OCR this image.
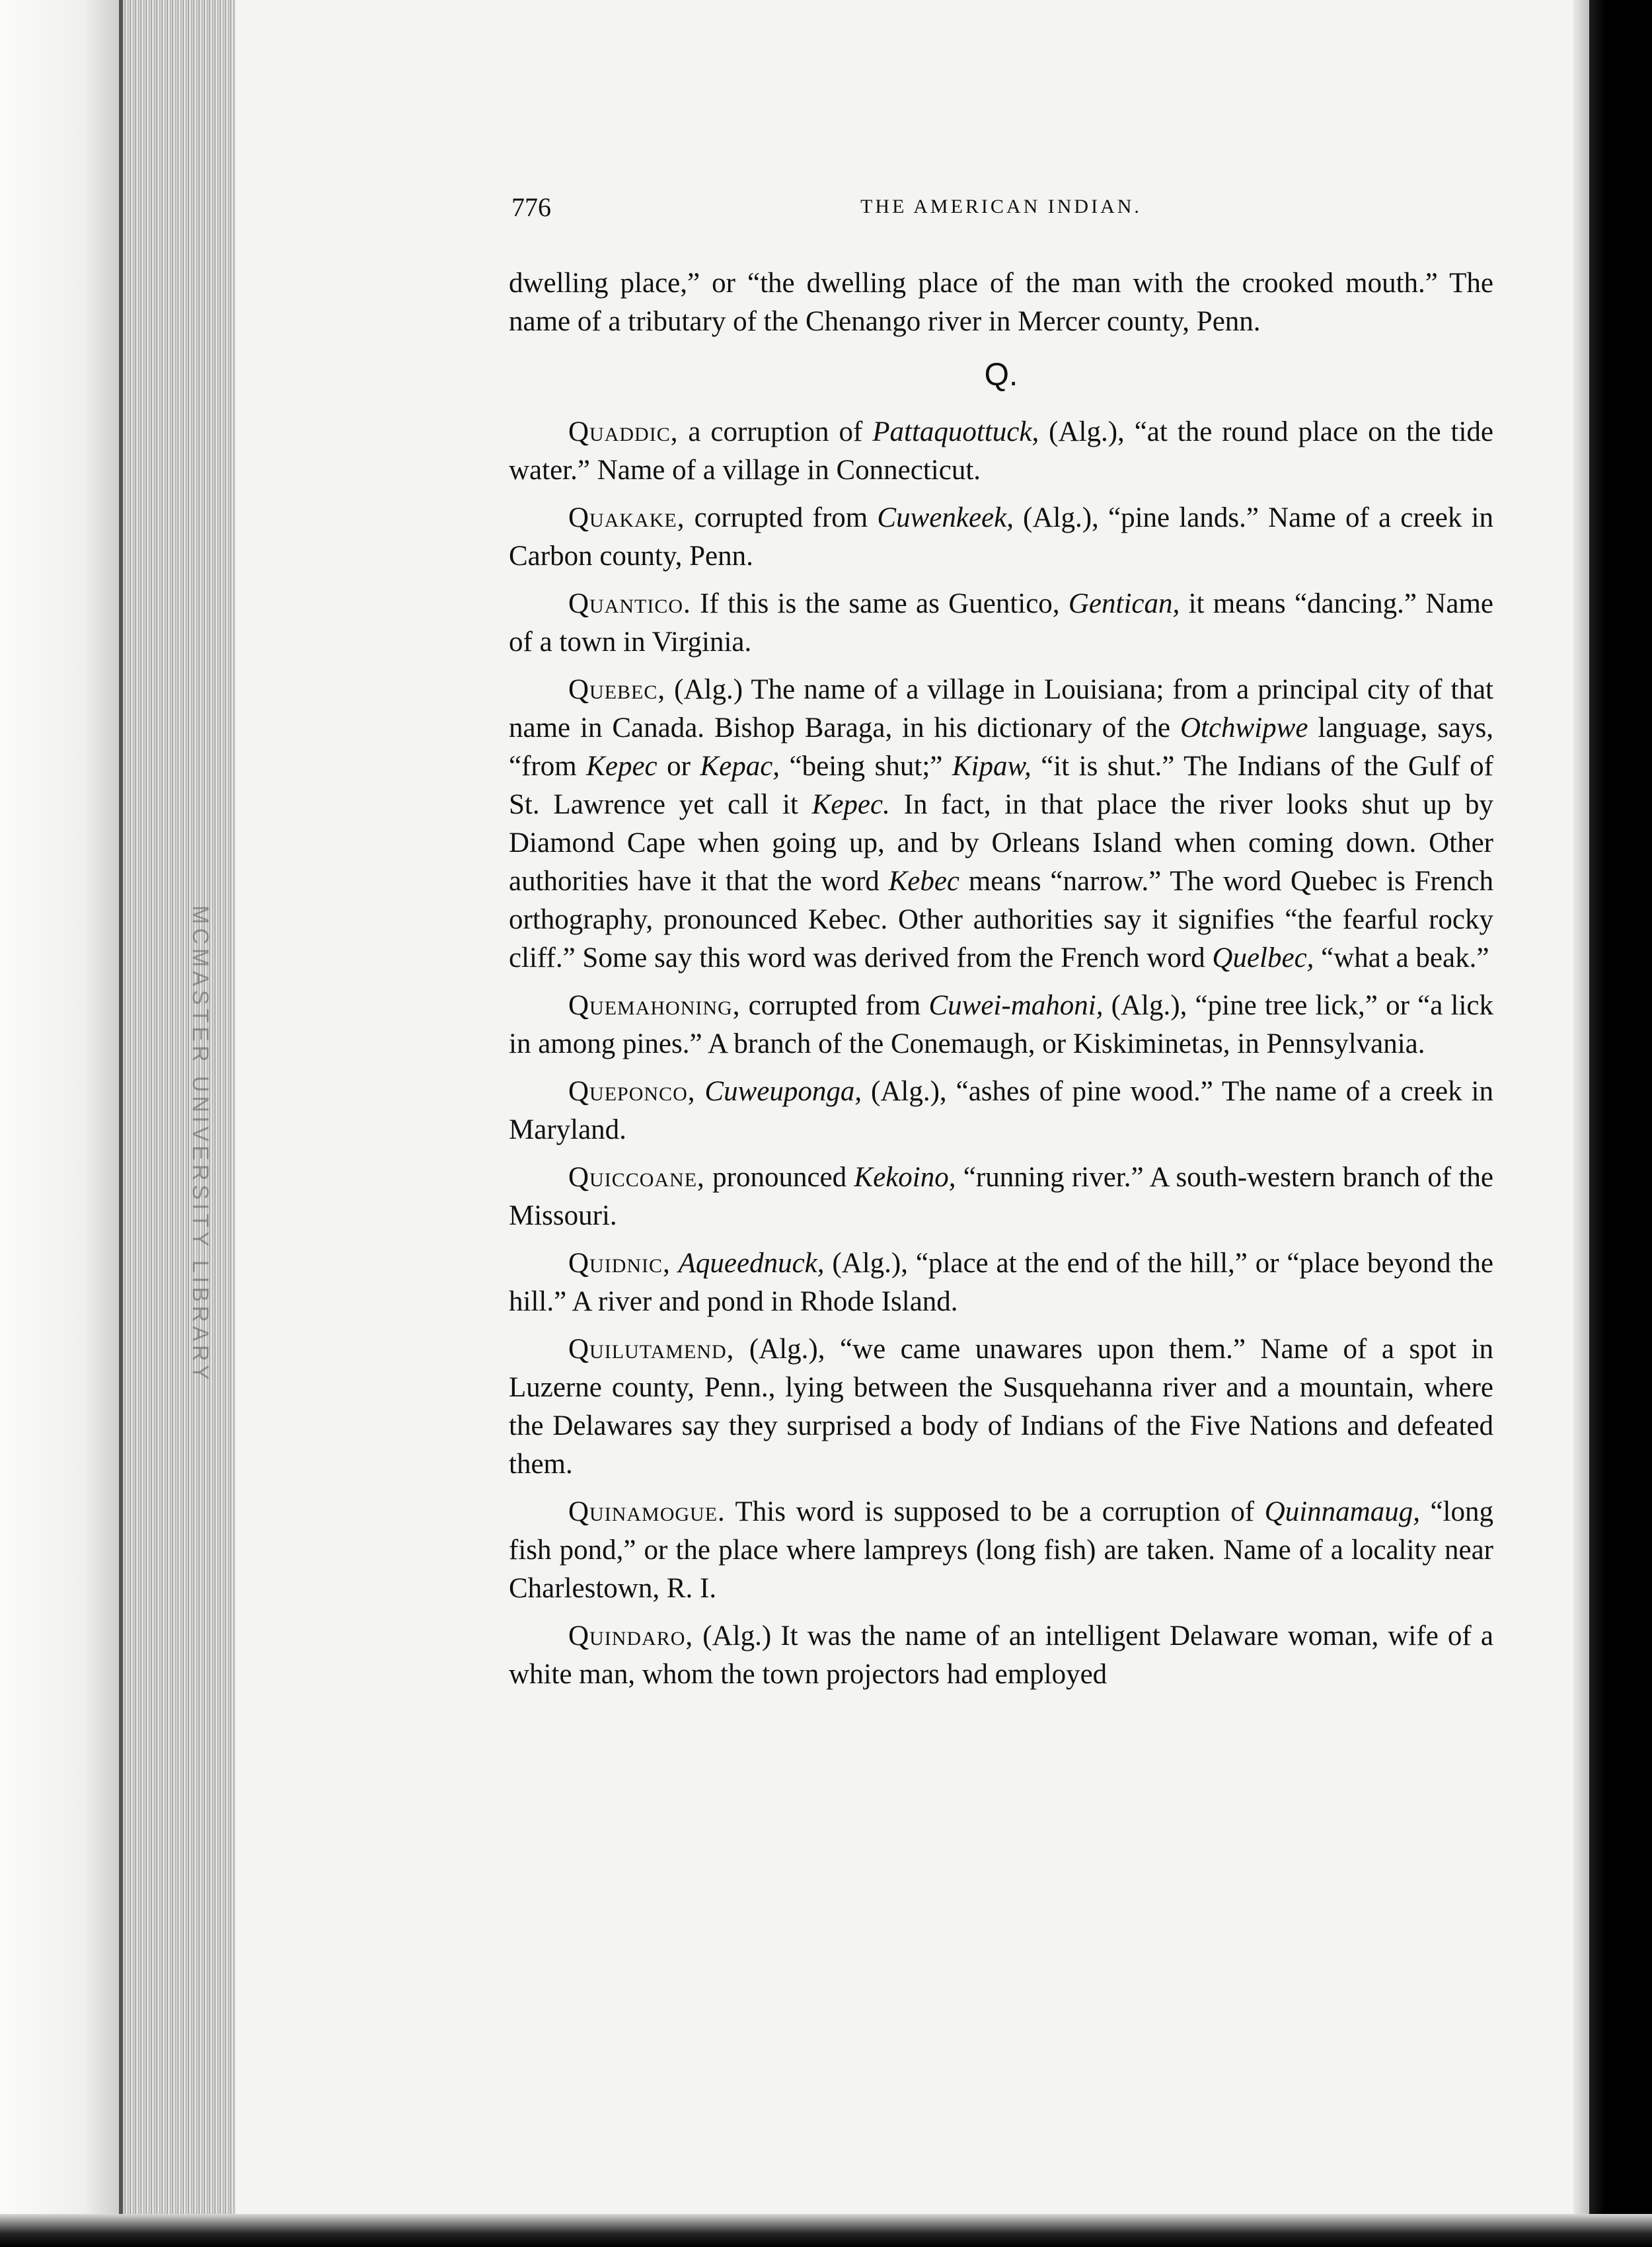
MCMASTER UNIVERSITY LIBRARY
776	THE AMERICAN INDIAN.

dwelling place,” or “the dwelling place of the man with the crooked mouth.” The name of a tributary of the Chenango river in Mercer county, Penn.

Q.

Quaddic, a corruption of Pattaquottuck, (Alg.), “at the round place on the tide water.” Name of a village in Connecticut.

Quakake, corrupted from Cuwenkeek, (Alg.), “pine lands.” Name of a creek in Carbon county, Penn.

Quantico. If this is the same as Guentico, Gentican, it means “dancing.” Name of a town in Virginia.

Quebec, (Alg.) The name of a village in Louisiana; from a principal city of that name in Canada. Bishop Baraga, in his dictionary of the Otchwipwe language, says, “from Kepec or Kepac, “being shut;” Kipaw, “it is shut.” The Indians of the Gulf of St. Lawrence yet call it Kepec. In fact, in that place the river looks shut up by Diamond Cape when going up, and by Orleans Island when coming down. Other authorities have it that the word Kebec means “narrow.” The word Quebec is French orthography, pronounced Kebec. Other authorities say it signifies “the fearful rocky cliff.” Some say this word was derived from the French word Quelbec, “what a beak.”

Quemahoning, corrupted from Cuwei-mahoni, (Alg.), “pine tree lick,” or “a lick in among pines.” A branch of the Conemaugh, or Kiskiminetas, in Pennsylvania.

Queponco, Cuweuponga, (Alg.), “ashes of pine wood.” The name of a creek in Maryland.

Quiccoane, pronounced Kekoino, “running river.” A south-western branch of the Missouri.

Quidnic, Aqueednuck, (Alg.), “place at the end of the hill,” or “place beyond the hill.” A river and pond in Rhode Island.

Quilutamend, (Alg.), “we came unawares upon them.” Name of a spot in Luzerne county, Penn., lying between the Susquehanna river and a mountain, where the Delawares say they surprised a body of Indians of the Five Nations and defeated them.

Quinamogue. This word is supposed to be a corruption of Quinnamaug, “long fish pond,” or the place where lampreys (long fish) are taken. Name of a locality near Charlestown, R. I.

Quindaro, (Alg.) It was the name of an intelligent Delaware woman, wife of a white man, whom the town projectors had employed
